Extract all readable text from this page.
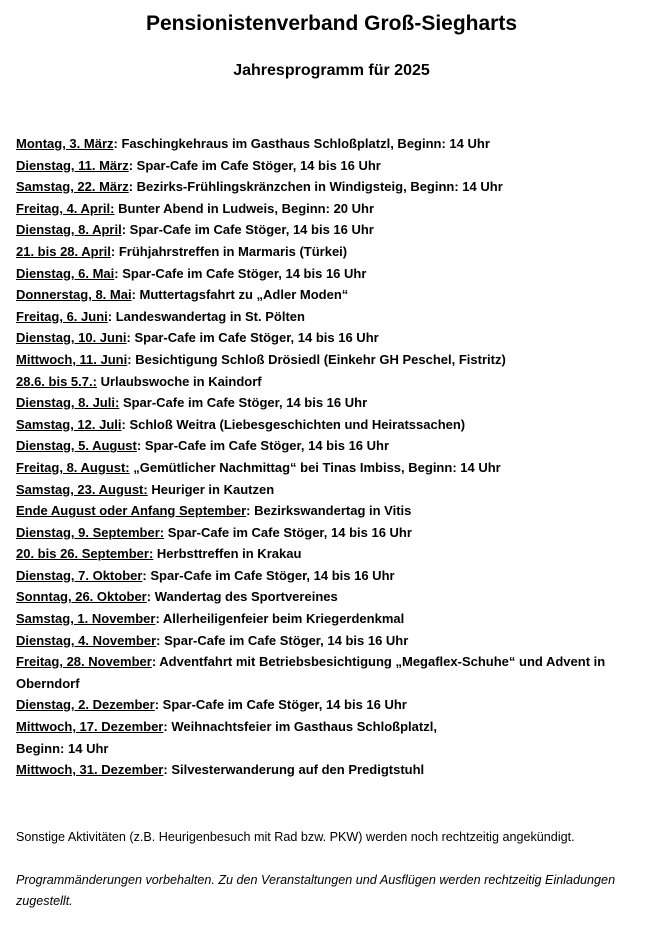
Pensionistenverband Groß-Siegharts
Jahresprogramm für 2025
Montag, 3. März: Faschingkehraus im Gasthaus Schloßplatzl, Beginn: 14 Uhr
Dienstag, 11. März: Spar-Cafe im Cafe Stöger, 14 bis 16 Uhr
Samstag, 22. März: Bezirks-Frühlingskränzchen in Windigsteig, Beginn: 14 Uhr
Freitag, 4. April: Bunter Abend in Ludweis, Beginn: 20 Uhr
Dienstag, 8. April: Spar-Cafe im Cafe Stöger, 14 bis 16 Uhr
21. bis 28. April: Frühjahrstreffen in Marmaris (Türkei)
Dienstag, 6. Mai: Spar-Cafe im Cafe Stöger, 14 bis 16 Uhr
Donnerstag, 8. Mai: Muttertagsfahrt zu „Adler Moden“
Freitag, 6. Juni: Landeswandertag in St. Pölten
Dienstag, 10. Juni: Spar-Cafe im Cafe Stöger, 14 bis 16 Uhr
Mittwoch, 11. Juni: Besichtigung Schloß Drösiedl (Einkehr GH Peschel, Fistritz)
28.6. bis 5.7.: Urlaubswoche in Kaindorf
Dienstag, 8. Juli: Spar-Cafe im Cafe Stöger, 14 bis 16 Uhr
Samstag, 12. Juli: Schloß Weitra (Liebesgeschichten und Heiratssachen)
Dienstag, 5. August: Spar-Cafe im Cafe Stöger, 14 bis 16 Uhr
Freitag, 8. August: „Gemütlicher Nachmittag“ bei Tinas Imbiss, Beginn: 14 Uhr
Samstag, 23. August: Heuriger in Kautzen
Ende August oder Anfang September: Bezirkswandertag in Vitis
Dienstag, 9. September: Spar-Cafe im Cafe Stöger, 14 bis 16 Uhr
20. bis 26. September: Herbsttreffen in Krakau
Dienstag, 7. Oktober: Spar-Cafe im Cafe Stöger, 14 bis 16 Uhr
Sonntag, 26. Oktober: Wandertag des Sportvereines
Samstag, 1. November: Allerheiligenfeier beim Kriegerdenkmal
Dienstag, 4. November: Spar-Cafe im Cafe Stöger, 14 bis 16 Uhr
Freitag, 28. November: Adventfahrt mit Betriebsbesichtigung „Megaflex-Schuhe“ und Advent in Oberndorf
Dienstag, 2. Dezember: Spar-Cafe im Cafe Stöger, 14 bis 16 Uhr
Mittwoch, 17. Dezember: Weihnachtsfeier im Gasthaus Schloßplatzl,
Beginn: 14 Uhr
Mittwoch, 31. Dezember: Silvesterwanderung auf den Predigtstuhl

Sonstige Aktivitäten (z.B. Heurigenbesuch mit Rad bzw. PKW) werden noch rechtzeitig angekündigt.

Programmänderungen vorbehalten. Zu den Veranstaltungen und Ausflügen werden rechtzeitig Einladungen zugestellt.
